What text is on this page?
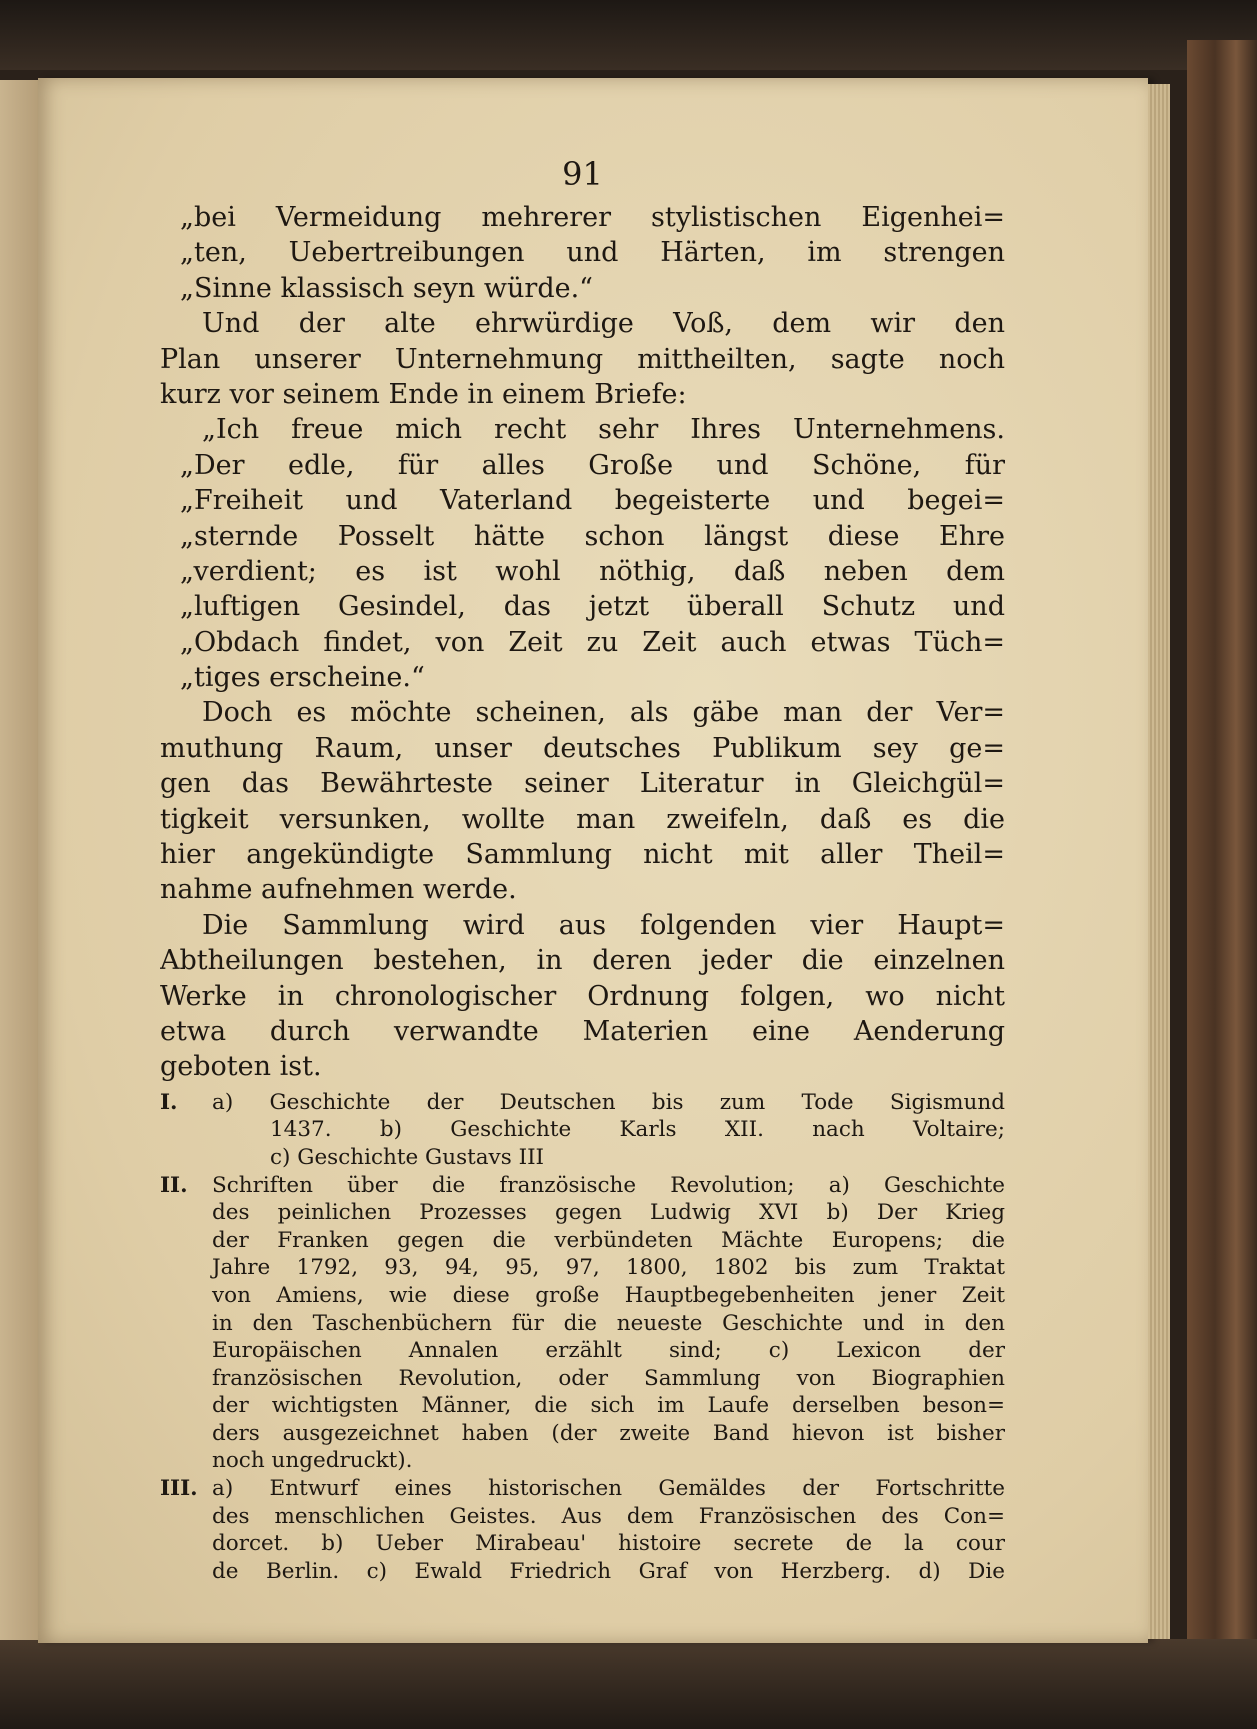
91
„bei Vermeidung mehrerer stylistischen Eigenhei=
„ten, Uebertreibungen und Härten, im strengen
„Sinne klassisch seyn würde.“
Und der alte ehrwürdige Voß, dem wir den
Plan unserer Unternehmung mittheilten, sagte noch
kurz vor seinem Ende in einem Briefe:
„Ich freue mich recht sehr Ihres Unternehmens.
„Der edle, für alles Große und Schöne, für
„Freiheit und Vaterland begeisterte und begei=
„sternde Posselt hätte schon längst diese Ehre
„verdient; es ist wohl nöthig, daß neben dem
„luftigen Gesindel, das jetzt überall Schutz und
„Obdach findet, von Zeit zu Zeit auch etwas Tüch=
„tiges erscheine.“
Doch es möchte scheinen, als gäbe man der Ver=
muthung Raum, unser deutsches Publikum sey ge=
gen das Bewährteste seiner Literatur in Gleichgül=
tigkeit versunken, wollte man zweifeln, daß es die
hier angekündigte Sammlung nicht mit aller Theil=
nahme aufnehmen werde.
Die Sammlung wird aus folgenden vier Haupt=
Abtheilungen bestehen, in deren jeder die einzelnen
Werke in chronologischer Ordnung folgen, wo nicht
etwa durch verwandte Materien eine Aenderung
geboten ist.
I. a) Geschichte der Deutschen bis zum Tode Sigismund
1437. b) Geschichte Karls XII. nach Voltaire;
c) Geschichte Gustavs III
II. Schriften über die französische Revolution; a) Geschichte
des peinlichen Prozesses gegen Ludwig XVI b) Der Krieg
der Franken gegen die verbündeten Mächte Europens; die
Jahre 1792, 93, 94, 95, 97, 1800, 1802 bis zum Traktat
von Amiens, wie diese große Hauptbegebenheiten jener Zeit
in den Taschenbüchern für die neueste Geschichte und in den
Europäischen Annalen erzählt sind; c) Lexicon der
französischen Revolution, oder Sammlung von Biographien
der wichtigsten Männer, die sich im Laufe derselben beson=
ders ausgezeichnet haben (der zweite Band hievon ist bisher
noch ungedruckt).
III. a) Entwurf eines historischen Gemäldes der Fortschritte
des menschlichen Geistes. Aus dem Französischen des Con=
dorcet. b) Ueber Mirabeau' histoire secrete de la cour
de Berlin. c) Ewald Friedrich Graf von Herzberg. d) Die
